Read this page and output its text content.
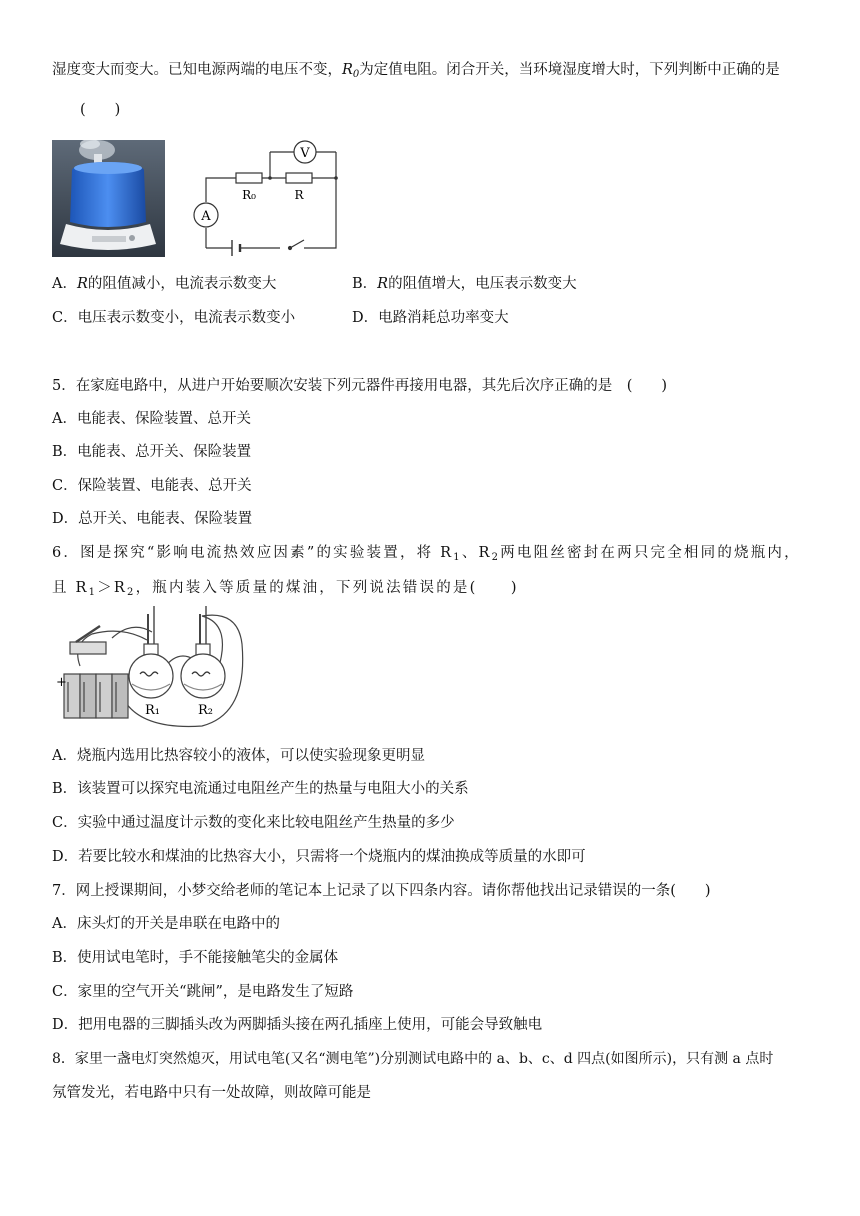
湿度变大而变大。已知电源两端的电压不变，$R_0$为定值电阻。闭合开关，当环境湿度增大时，下列判断中正确的是
(　　)
V
A
R₀	R
A．R的阻值减小，电流表示数变大	B．R的阻值增大，电压表示数变大
C．电压表示数变小，电流表示数变小	D．电路消耗总功率变大
5．在家庭电路中，从进户开始要顺次安装下列元器件再接用电器，其先后次序正确的是　(　　)
A．电能表、保险装置、总开关
B．电能表、总开关、保险装置
C．保险装置、电能表、总开关
D．总开关、电能表、保险装置
6．图是探究“影响电流热效应因素”的实验装置，将 $R_1$、$R_2$两电阻丝密封在两只完全相同的烧瓶内，
且 $R_1>R_2$，瓶内装入等质量的煤油，下列说法错误的是(　　)
+
R₁	R₂
A．烧瓶内选用比热容较小的液体，可以使实验现象更明显
B．该装置可以探究电流通过电阻丝产生的热量与电阻大小的关系
C．实验中通过温度计示数的变化来比较电阻丝产生热量的多少
D．若要比较水和煤油的比热容大小，只需将一个烧瓶内的煤油换成等质量的水即可
7．网上授课期间，小梦交给老师的笔记本上记录了以下四条内容。请你帮他找出记录错误的一条(　　)
A．床头灯的开关是串联在电路中的
B．使用试电笔时，手不能接触笔尖的金属体
C．家里的空气开关“跳闸”，是电路发生了短路
D．把用电器的三脚插头改为两脚插头接在两孔插座上使用，可能会导致触电
8．家里一盏电灯突然熄灭，用试电笔(又名“测电笔”)分别测试电路中的 a、b、c、d 四点(如图所示)，只有测 a 点时
氖管发光，若电路中只有一处故障，则故障可能是
